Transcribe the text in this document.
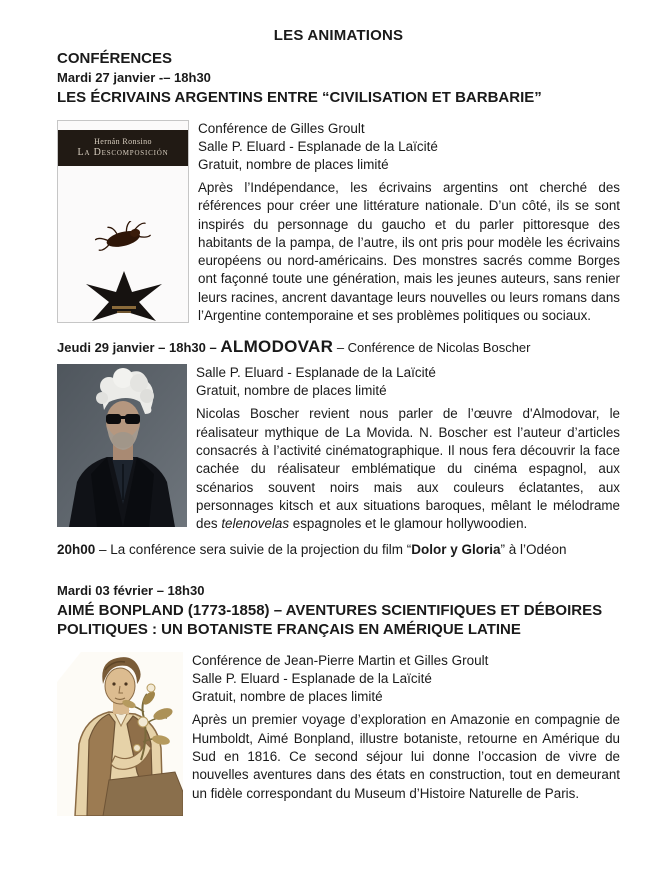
LES ANIMATIONS
CONFÉRENCES

Mardi 27 janvier -– 18h30

LES ÉCRIVAINS ARGENTINS ENTRE “CIVILISATION ET BARBARIE”
Hernán Ronsino
La Descomposición

Conférence de Gilles Groult

Salle P. Eluard - Esplanade de la Laïcité

Gratuit, nombre de places limité

Après l’Indépendance, les écrivains argentins ont cherché des références pour créer une littérature nationale. D’un côté, ils se sont inspirés du personnage du gaucho et du parler pittoresque des habitants de la pampa, de l’autre, ils ont pris pour modèle les écrivains européens ou nord-américains. Des monstres sacrés comme Borges ont façonné toute une génération, mais les jeunes auteurs, sans renier leurs racines, ancrent davantage leurs nouvelles ou leurs romans dans l’Argentine contemporaine et ses problèmes politiques ou sociaux.

Jeudi 29 janvier – 18h30 – ALMODOVAR – Conférence de Nicolas Boscher

Salle P. Eluard - Esplanade de la Laïcité

Gratuit, nombre de places limité

Nicolas Boscher revient nous parler de l’œuvre d'Almodovar, le réalisateur mythique de La Movida. N. Boscher est l’auteur d’articles consacrés à l’activité cinématographique. Il nous fera découvrir la face cachée du réalisateur emblématique du cinéma espagnol, aux scénarios souvent noirs mais aux couleurs éclatantes, aux personnages kitsch et aux situations baroques, mêlant le mélodrame des telenovelas espagnoles et le glamour hollywoodien.

20h00 – La conférence sera suivie de la projection du film “Dolor y Gloria” à l’Odéon

Mardi 03 février – 18h30

AIMÉ BONPLAND (1773-1858) – AVENTURES SCIENTIFIQUES ET DÉBOIRES POLITIQUES : UN BOTANISTE FRANÇAIS EN AMÉRIQUE LATINE

Conférence de Jean-Pierre Martin et Gilles Groult

Salle P. Eluard - Esplanade de la Laïcité

Gratuit, nombre de places limité

Après un premier voyage d’exploration en Amazonie en compagnie de Humboldt, Aimé Bonpland, illustre botaniste, retourne en Amérique du Sud en 1816. Ce second séjour lui donne l’occasion de vivre de nouvelles aventures dans des états en construction, tout en demeurant un fidèle correspondant du Museum d’Histoire Naturelle de Paris.
